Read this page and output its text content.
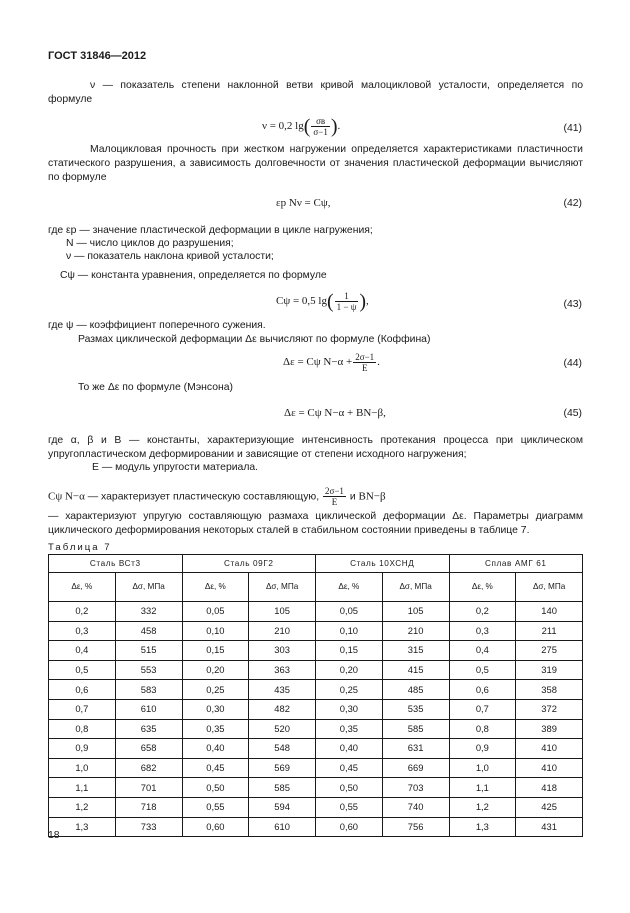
ГОСТ 31846—2012
ν — показатель степени наклонной ветви кривой малоцикловой усталости, определяется по формуле
ν = 0,2 $\lg( \frac{\sigma в}{\sigma-1}$ ).	(41)
Малоцикловая прочность при жестком нагружении определяется характеристиками пластичности статического разрушения, а зависимость долговечности от значения пластической деформации вычисляют по формуле
εр Nν = Cψ,	(42)
где εр — значение пластической деформации в цикле нагружения;
N — число циклов до разрушения;
ν — показатель наклона кривой усталости;
Cψ — константа уравнения, определяется по формуле
Cψ = 0,5 $\lg( \frac{1}{1 - \psi}$ ),	(43)
где ψ — коэффициент поперечного сужения.
Размах циклической деформации Δε вычисляют по формуле (Коффина)
Δε = Cψ $N-\alpha + \frac{2\sigma-1}{E}$ .	(44)
То же Δε по формуле (Мэнсона)
Δε = Cψ N−α + BN−β,	(45)
где α, β и B — константы, характеризующие интенсивность протекания процесса при циклическом упругопластическом деформировании и зависящие от степени исходного нагружения;
E — модуль упругости материала.
Cψ N−α — характеризует пластическую составляющую, $\frac{2\sigma-1}{E}$ и BN−β
— характеризуют упругую составляющую размаха циклической деформации Δε. Параметры диаграмм циклического деформирования некоторых сталей в стабильном состоянии приведены в таблице 7.
Таблица 7
Сталь ВСт3		Сталь 09Г2		Сталь 10ХСНД		Сплав АМГ 61	
Δε, %	Δσ, МПа	Δε, %	Δσ, МПа	Δε, %	Δσ, МПа	Δε, %	Δσ, МПа
0,2	332	0,05	105	0,05	105	0,2	140
0,3	458	0,10	210	0,10	210	0,3	211
0,4	515	0,15	303	0,15	315	0,4	275
0,5	553	0,20	363	0,20	415	0,5	319
0,6	583	0,25	435	0,25	485	0,6	358
0,7	610	0,30	482	0,30	535	0,7	372
0,8	635	0,35	520	0,35	585	0,8	389
0,9	658	0,40	548	0,40	631	0,9	410
1,0	682	0,45	569	0,45	669	1,0	410
1,1	701	0,50	585	0,50	703	1,1	418
1,2	718	0,55	594	0,55	740	1,2	425
1,3	733	0,60	610	0,60	756	1,3	431
18
